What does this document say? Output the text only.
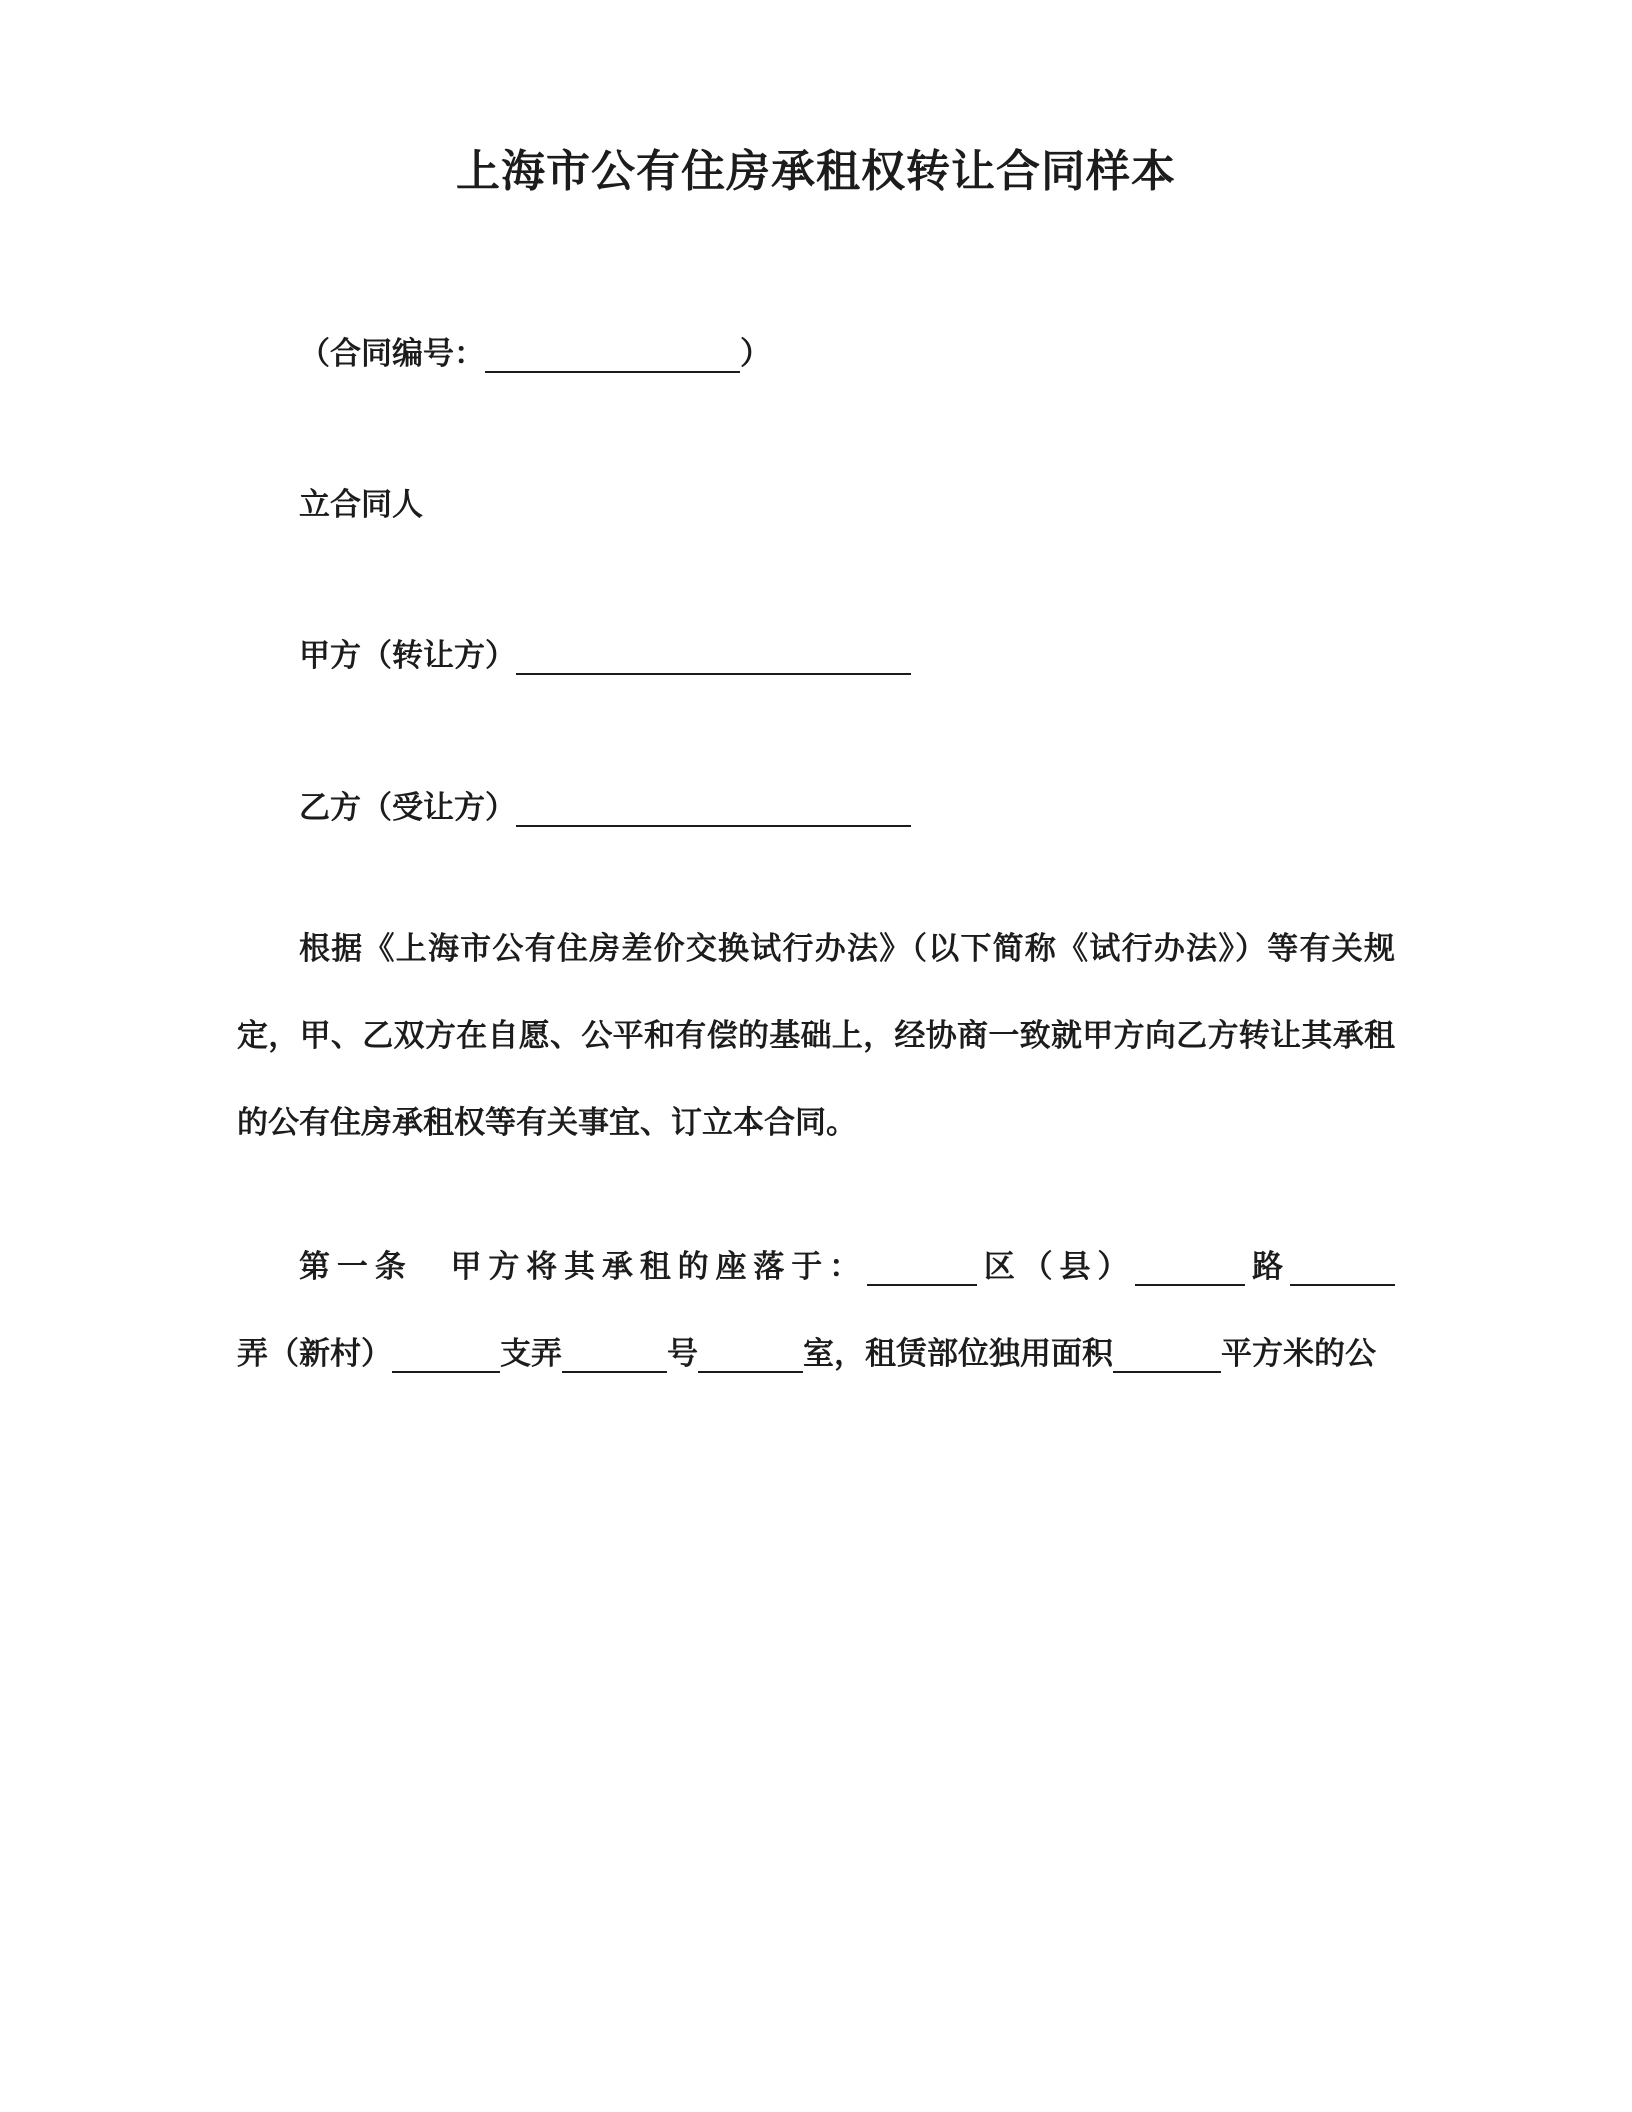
上海市公有住房承租权转让合同样本

（合同编号：	）

立合同人

甲方（转让方）

乙方（受让方）

根据《上海市公有住房差价交换试行办法》（以下简称《试行办法》）等有关规定，甲、乙双方在自愿、公平和有偿的基础上，经协商一致就甲方向乙方转让其承租的公有住房承租权等有关事宜、订立本合同。

第一条　甲方将其承租的座落于：	区（县）	路弄（新村）	支弄	号	室，租赁部位独用面积	平方米的公
